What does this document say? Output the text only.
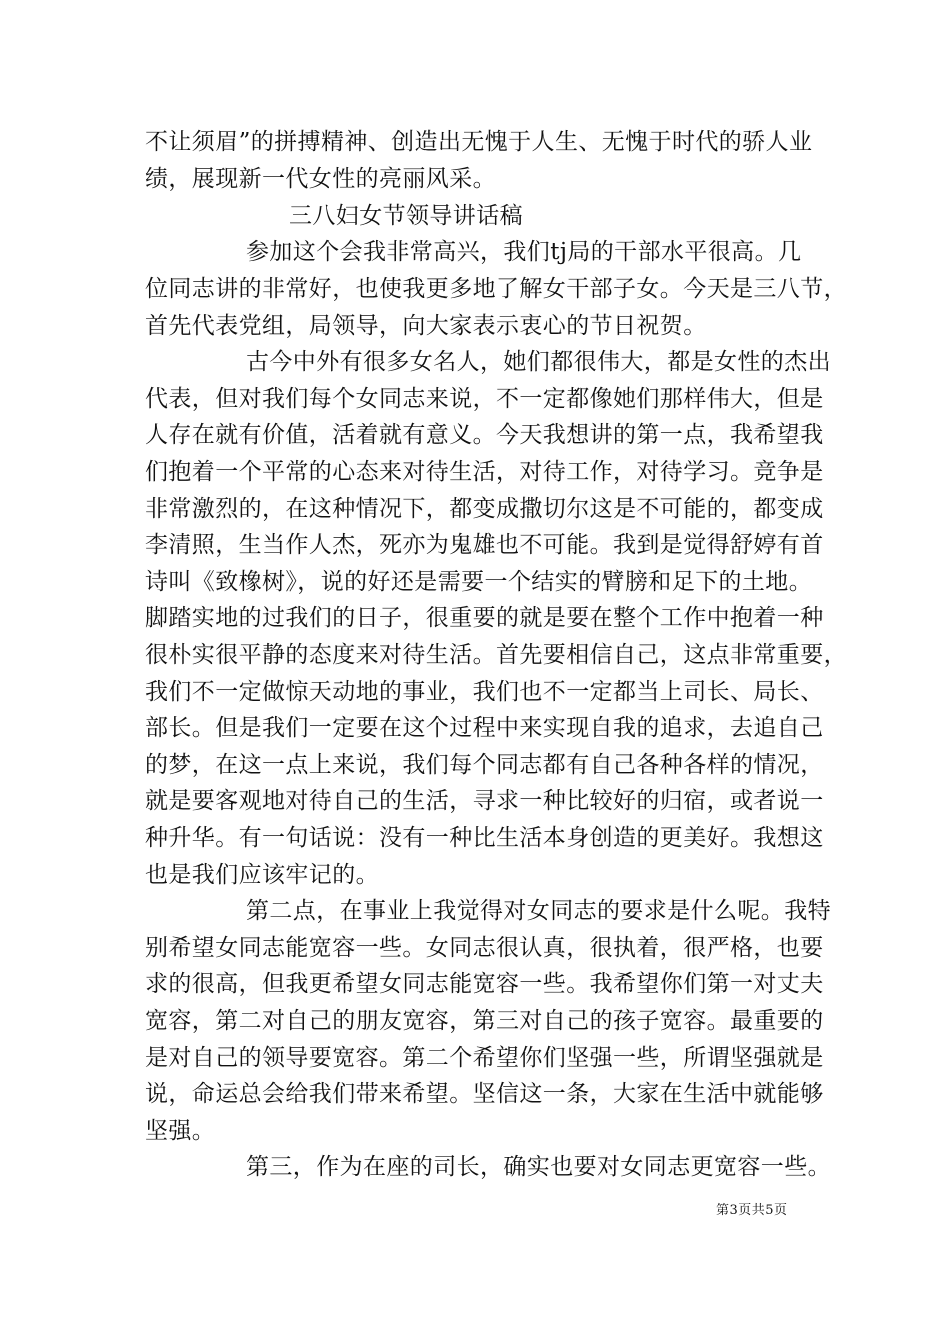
不让须眉”的拼搏精神、创造出无愧于人生、无愧于时代的骄人业
绩，展现新一代女性的亮丽风采。
三八妇女节领导讲话稿
参加这个会我非常高兴，我们tj局的干部水平很高。几
位同志讲的非常好，也使我更多地了解女干部子女。今天是三八节，
首先代表党组，局领导，向大家表示衷心的节日祝贺。
古今中外有很多女名人，她们都很伟大，都是女性的杰出
代表，但对我们每个女同志来说，不一定都像她们那样伟大，但是
人存在就有价值，活着就有意义。今天我想讲的第一点，我希望我
们抱着一个平常的心态来对待生活，对待工作，对待学习。竞争是
非常激烈的，在这种情况下，都变成撒切尔这是不可能的，都变成
李清照，生当作人杰，死亦为鬼雄也不可能。我到是觉得舒婷有首
诗叫《致橡树》，说的好还是需要一个结实的臂膀和足下的土地。
脚踏实地的过我们的日子，很重要的就是要在整个工作中抱着一种
很朴实很平静的态度来对待生活。首先要相信自己，这点非常重要，
我们不一定做惊天动地的事业，我们也不一定都当上司长、局长、
部长。但是我们一定要在这个过程中来实现自我的追求，去追自己
的梦，在这一点上来说，我们每个同志都有自己各种各样的情况，
就是要客观地对待自己的生活，寻求一种比较好的归宿，或者说一
种升华。有一句话说：没有一种比生活本身创造的更美好。我想这
也是我们应该牢记的。
第二点，在事业上我觉得对女同志的要求是什么呢。我特
别希望女同志能宽容一些。女同志很认真，很执着，很严格，也要
求的很高，但我更希望女同志能宽容一些。我希望你们第一对丈夫
宽容，第二对自己的朋友宽容，第三对自己的孩子宽容。最重要的
是对自己的领导要宽容。第二个希望你们坚强一些，所谓坚强就是
说，命运总会给我们带来希望。坚信这一条，大家在生活中就能够
坚强。
第三，作为在座的司长，确实也要对女同志更宽容一些。
第3页共5页
